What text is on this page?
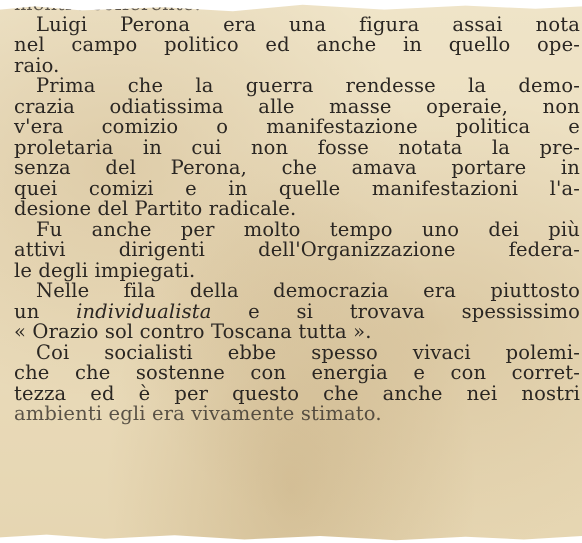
Luigi Perona era una figura assai nota
nel campo politico ed anche in quello ope-
raio.
Prima che la guerra rendesse la demo-
crazia odiatissima alle masse operaie, non
v'era comizio o manifestazione politica e
proletaria in cui non fosse notata la pre-
senza del Perona, che amava portare in
quei comizi e in quelle manifestazioni l'a-
desione del Partito radicale.
Fu anche per molto tempo uno dei più
attivi dirigenti dell'Organizzazione federa-
le degli impiegati.
Nelle fila della democrazia era piuttosto
un individualista e si trovava spessissimo
« Orazio sol contro Toscana tutta ».
Coi socialisti ebbe spesso vivaci polemi-
che che sostenne con energia e con corret-
tezza ed è per questo che anche nei nostri
ambienti egli era vivamente stimato.
